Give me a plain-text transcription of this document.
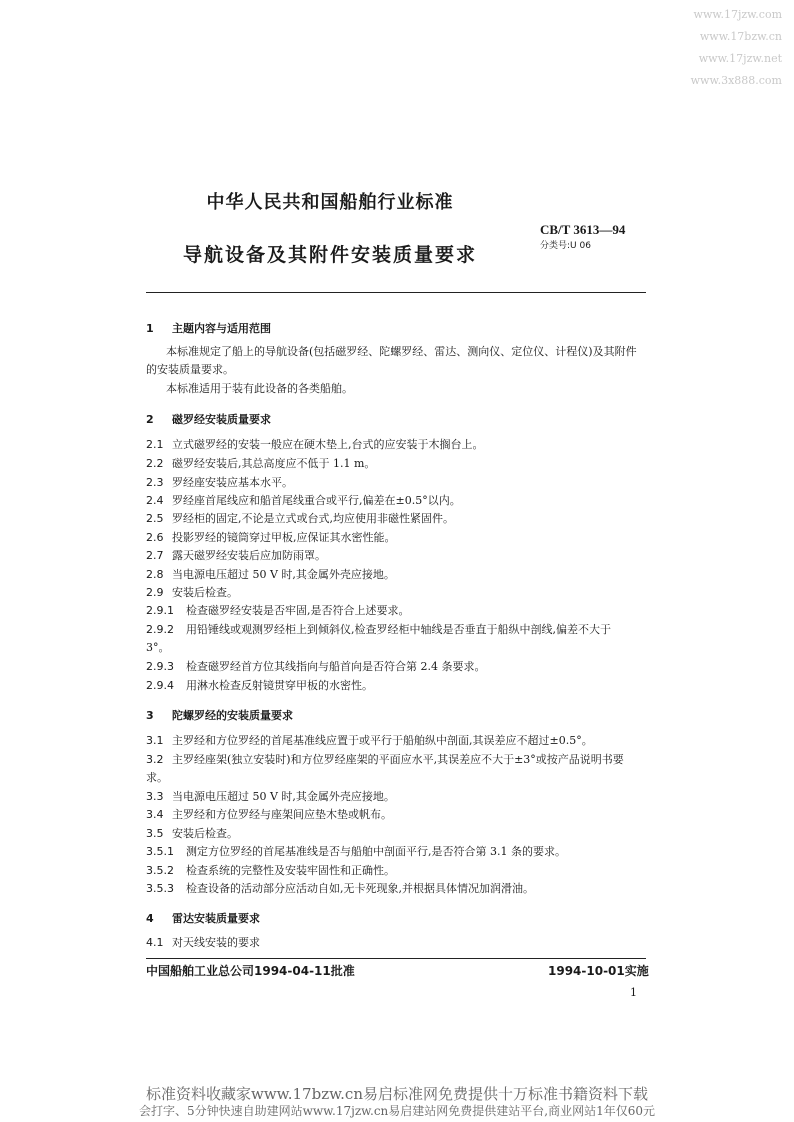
www.17jzw.com
www.17bzw.cn
www.17jzw.net
www.3x888.com
中华人民共和国船舶行业标准
CB/T 3613—94
分类号:U 06
导航设备及其附件安装质量要求
1 主题内容与适用范围
本标准规定了船上的导航设备(包括磁罗经、陀螺罗经、雷达、测向仪、定位仪、计程仪)及其附件的安装质量要求。
本标准适用于装有此设备的各类船舶。
2 磁罗经安装质量要求
2.1 立式磁罗经的安装一般应在硬木垫上,台式的应安装于木搁台上。
2.2 磁罗经安装后,其总高度应不低于 1.1 m。
2.3 罗经座安装应基本水平。
2.4 罗经座首尾线应和船首尾线重合或平行,偏差在±0.5°以内。
2.5 罗经柜的固定,不论是立式或台式,均应使用非磁性紧固件。
2.6 投影罗经的镜筒穿过甲板,应保证其水密性能。
2.7 露天磁罗经安装后应加防雨罩。
2.8 当电源电压超过 50 V 时,其金属外壳应接地。
2.9 安装后检查。
2.9.1 检查磁罗经安装是否牢固,是否符合上述要求。
2.9.2 用铅锤线或观测罗经柜上到倾斜仪,检查罗经柜中轴线是否垂直于船纵中剖线,偏差不大于
3°。
2.9.3 检查磁罗经首方位其线指向与船首向是否符合第 2.4 条要求。
2.9.4 用淋水检查反射镜贯穿甲板的水密性。
3 陀螺罗经的安装质量要求
3.1 主罗经和方位罗经的首尾基准线应置于或平行于船舶纵中剖面,其误差应不超过±0.5°。
3.2 主罗经座架(独立安装时)和方位罗经座架的平面应水平,其误差应不大于±3°或按产品说明书要
求。
3.3 当电源电压超过 50 V 时,其金属外壳应接地。
3.4 主罗经和方位罗经与座架间应垫木垫或帆布。
3.5 安装后检查。
3.5.1 测定方位罗经的首尾基准线是否与船舶中剖面平行,是否符合第 3.1 条的要求。
3.5.2 检查系统的完整性及安装牢固性和正确性。
3.5.3 检查设备的活动部分应活动自如,无卡死现象,并根据具体情况加润滑油。
4 雷达安装质量要求
4.1 对天线安装的要求
中国船舶工业总公司1994-04-11批准	1994-10-01实施
1
标准资料收藏家www.17bzw.cn易启标准网免费提供十万标准书籍资料下载
会打字、5分钟快速自助建网站www.17jzw.cn易启建站网免费提供建站平台,商业网站1年仅60元
